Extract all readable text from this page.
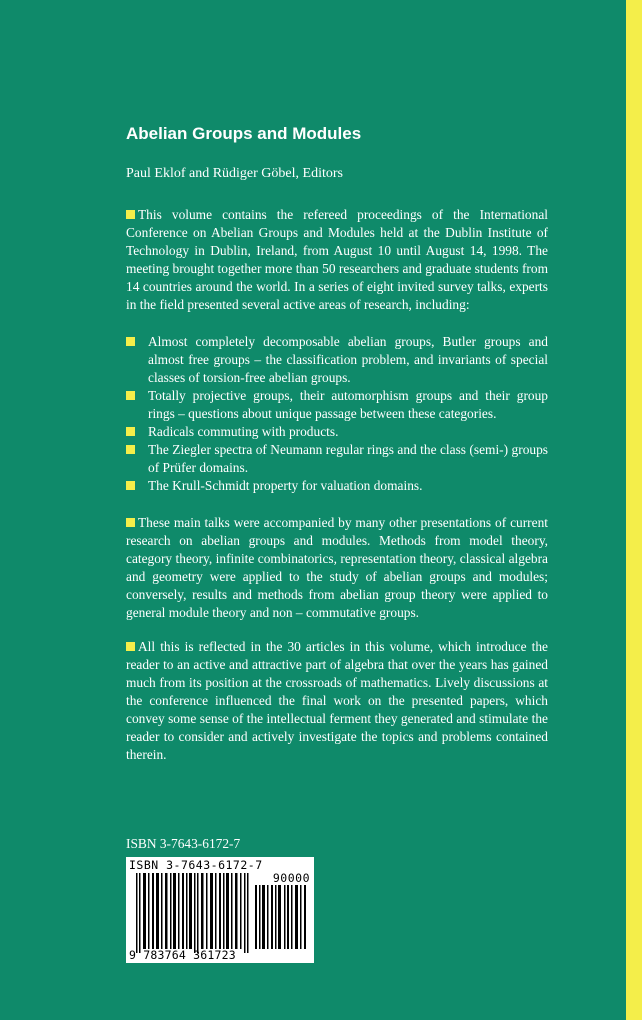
Abelian Groups and Modules
Paul Eklof and Rüdiger Göbel, Editors
This volume contains the refereed proceedings of the International Conference on Abelian Groups and Modules held at the Dublin Institute of Technology in Dublin, Ireland, from August 10 until August 14, 1998. The meeting brought together more than 50 researchers and graduate students from 14 countries around the world. In a series of eight invited survey talks, experts in the field presented several active areas of research, including:
Almost completely decomposable abelian groups, Butler groups and almost free groups – the classification problem, and invariants of special classes of torsion-free abelian groups.
Totally projective groups, their automorphism groups and their group rings – questions about unique passage between these categories.
Radicals commuting with products.
The Ziegler spectra of Neumann regular rings and the class (semi-) groups of Prüfer domains.
The Krull-Schmidt property for valuation domains.
These main talks were accompanied by many other presentations of current research on abelian groups and modules. Methods from model theory, category theory, infinite combinatorics, representation theory, classical algebra and geometry were applied to the study of abelian groups and modules; conversely, results and methods from abelian group theory were applied to general module theory and non – commutative groups.
All this is reflected in the 30 articles in this volume, which introduce the reader to an active and attractive part of algebra that over the years has gained much from its position at the crossroads of mathematics. Lively discussions at the conference influenced the final work on the presented papers, which convey some sense of the intellectual ferment they generated and stimulate the reader to consider and actively investigate the topics and problems contained therein.
ISBN 3-7643-6172-7
ISBN 3-7643-6172-7
90000
9 783764 361723
